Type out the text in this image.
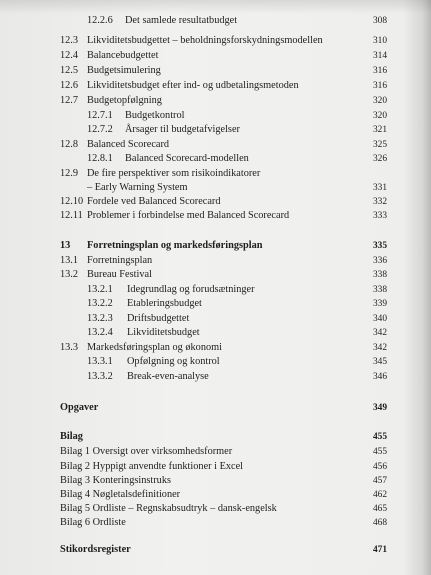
12.2.6 Det samlede resultatbudget	308
12.3 Likviditetsbudgettet – beholdningsforskydningsmodellen	310
12.4 Balancebudgettet	314
12.5 Budgetsimulering	316
12.6 Likviditetsbudget efter ind- og udbetalingsmetoden	316
12.7 Budgetopfølgning	320
12.7.1 Budgetkontrol	320
12.7.2 Årsager til budgetafvigelser	321
12.8 Balanced Scorecard	325
12.8.1 Balanced Scorecard-modellen	326
12.9 De fire perspektiver som risikoindikatorer
– Early Warning System	331
12.10 Fordele ved Balanced Scorecard	332
12.11 Problemer i forbindelse med Balanced Scorecard	333
13 Forretningsplan og markedsføringsplan	335
13.1 Forretningsplan	336
13.2 Bureau Festival	338
13.2.1 Idegrundlag og forudsætninger	338
13.2.2 Etableringsbudget	339
13.2.3 Driftsbudgettet	340
13.2.4 Likviditetsbudget	342
13.3 Markedsføringsplan og økonomi	342
13.3.1 Opfølgning og kontrol	345
13.3.2 Break-even-analyse	346
Opgaver	349
Bilag	455
Bilag 1 Oversigt over virksomhedsformer	455
Bilag 2 Hyppigt anvendte funktioner i Excel	456
Bilag 3 Konteringsinstruks	457
Bilag 4 Nøgletalsdefinitioner	462
Bilag 5 Ordliste – Regnskabsudtryk – dansk-engelsk	465
Bilag 6 Ordliste	468
Stikordsregister	471
